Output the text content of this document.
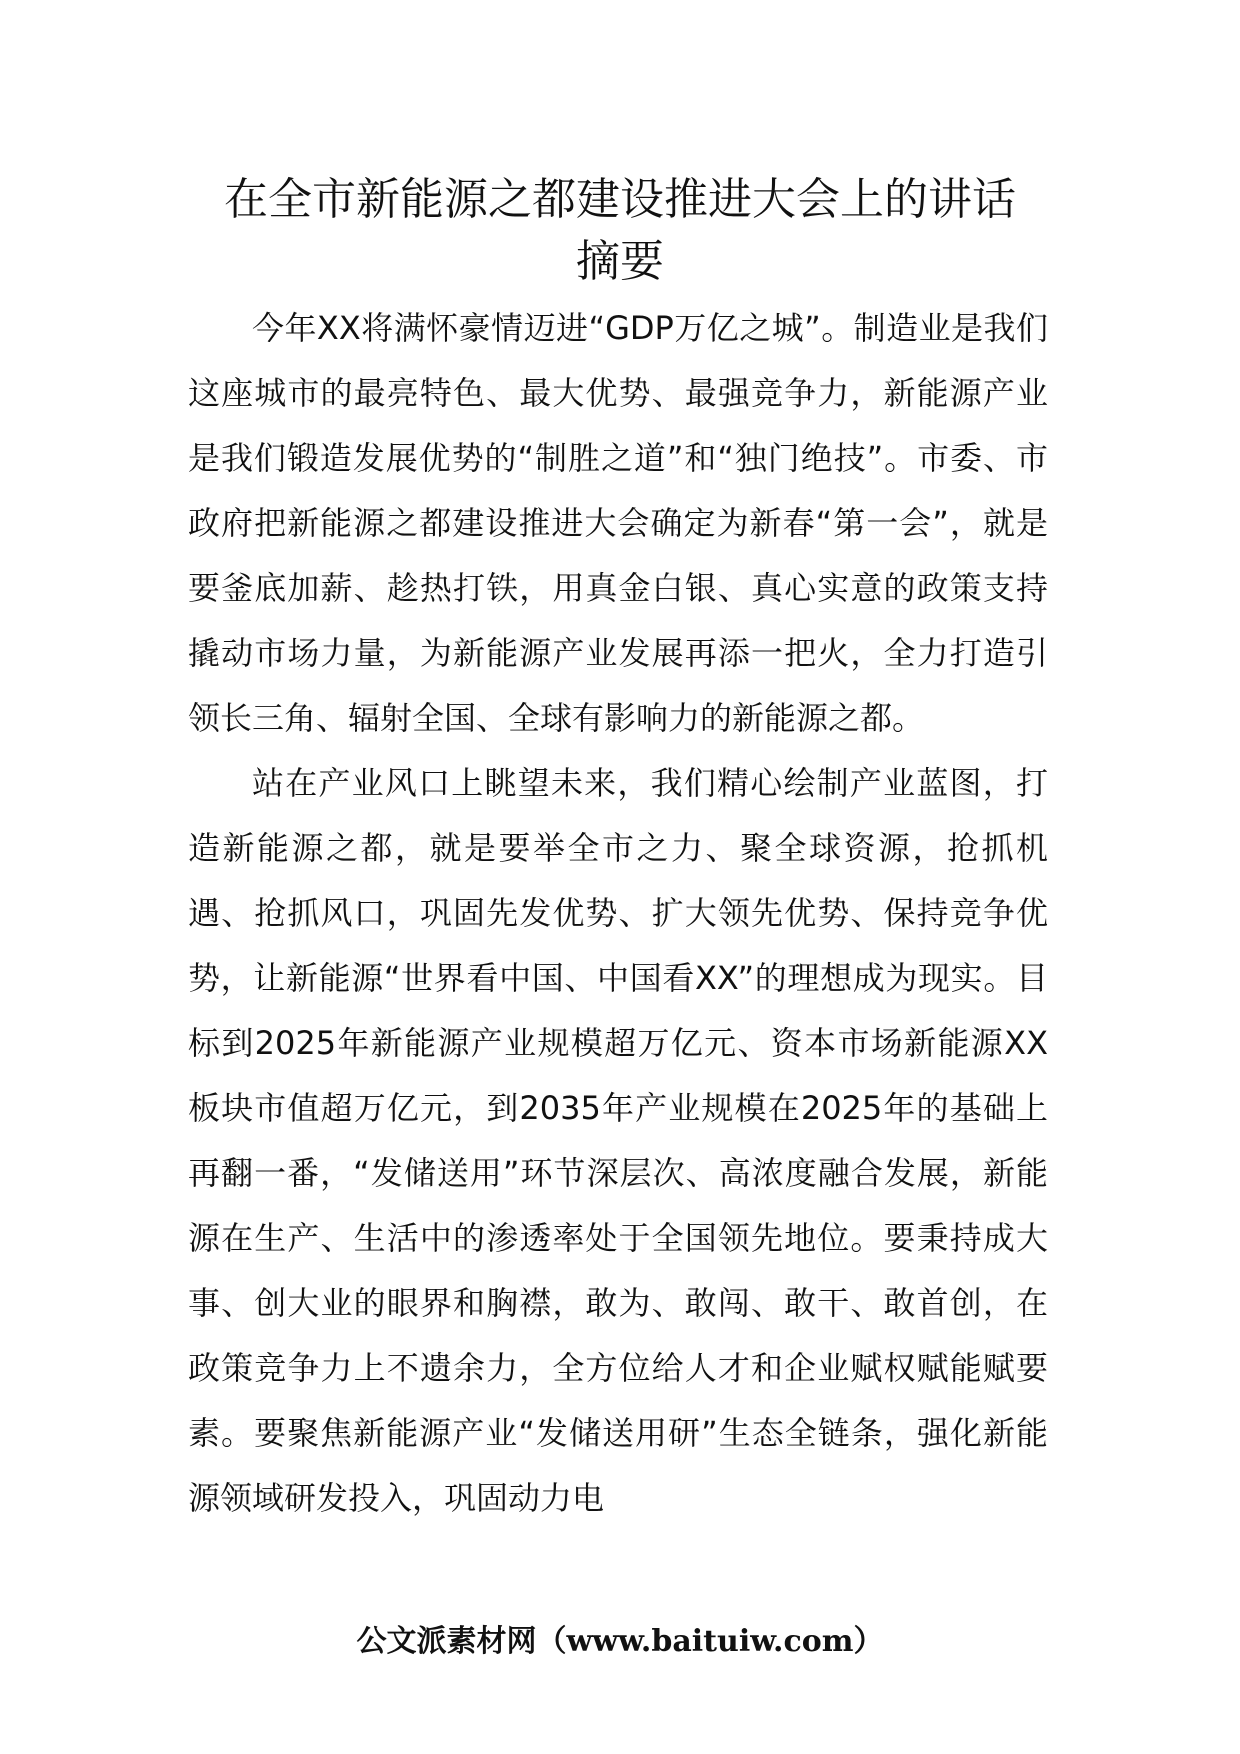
在全市新能源之都建设推进大会上的讲话
摘要

今年XX将满怀豪情迈进“GDP万亿之城”。制造业是我们这座城市的最亮特色、最大优势、最强竞争力，新能源产业是我们锻造发展优势的“制胜之道”和“独门绝技”。市委、市政府把新能源之都建设推进大会确定为新春“第一会”，就是要釜底加薪、趁热打铁，用真金白银、真心实意的政策支持撬动市场力量，为新能源产业发展再添一把火，全力打造引领长三角、辐射全国、全球有影响力的新能源之都。

站在产业风口上眺望未来，我们精心绘制产业蓝图，打造新能源之都，就是要举全市之力、聚全球资源，抢抓机遇、抢抓风口，巩固先发优势、扩大领先优势、保持竞争优势，让新能源“世界看中国、中国看XX”的理想成为现实。目标到2025年新能源产业规模超万亿元、资本市场新能源XX板块市值超万亿元，到2035年产业规模在2025年的基础上再翻一番，“发储送用”环节深层次、高浓度融合发展，新能源在生产、生活中的渗透率处于全国领先地位。要秉持成大事、创大业的眼界和胸襟，敢为、敢闯、敢干、敢首创，在政策竞争力上不遗余力，全方位给人才和企业赋权赋能赋要素。要聚焦新能源产业“发储送用研”生态全链条，强化新能源领域研发投入，巩固动力电

公文派素材网（www.baitu​iw.com）
